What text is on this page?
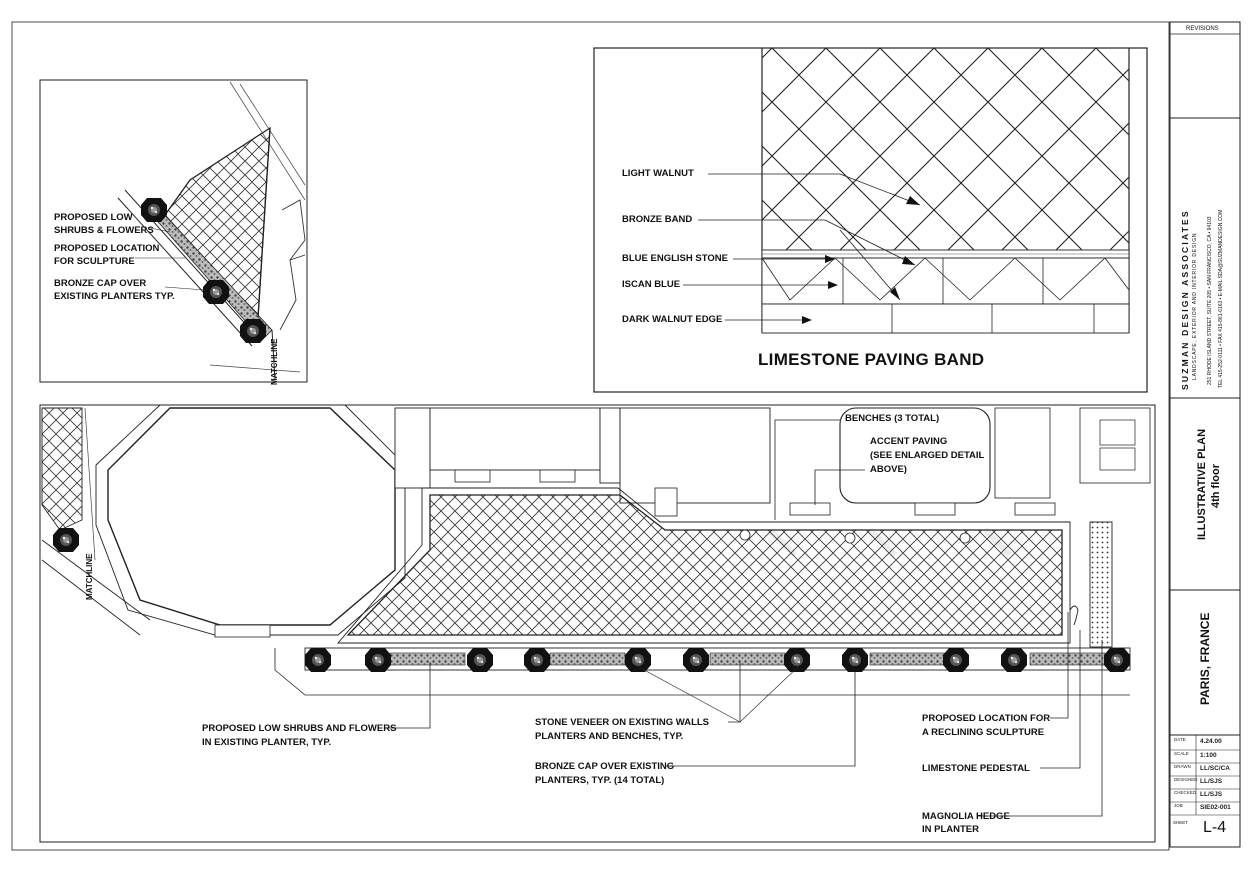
PROPOSED LOW
SHRUBS & FLOWERS
PROPOSED LOCATION
FOR SCULPTURE
BRONZE CAP OVER
EXISTING PLANTERS TYP.
MATCHLINE
LIGHT WALNUT
BRONZE BAND
BLUE ENGLISH STONE
ISCAN BLUE
DARK WALNUT EDGE
LIMESTONE PAVING BAND
MATCHLINE
BENCHES (3 TOTAL)
ACCENT PAVING
(SEE ENLARGED DETAIL
ABOVE)
PROPOSED LOW SHRUBS AND FLOWERS
IN EXISTING PLANTER, TYP.
STONE VENEER ON EXISTING WALLS
PLANTERS AND BENCHES, TYP.
BRONZE CAP OVER EXISTING
PLANTERS, TYP. (14 TOTAL)
PROPOSED LOCATION FOR
A RECLINING SCULPTURE
LIMESTONE PEDESTAL
MAGNOLIA HEDGE
IN PLANTER
REVISIONS
SUZMAN DESIGN ASSOCIATES LANDSCAPE, EXTERIOR AND INTERIOR DESIGN 251 RHODE ISLAND STREET, SUITE 205 • SAN FRANCISCO, CA • 94103 TEL 415-252-0111 • FAX 415-861-6163 • E-MAIL SDA@SUZMANDESIGN.COM
ILLUSTRATIVE PLAN 4th floor
PARIS, FRANCE
DATE 4.24.00
SCALE 1:100
DRAWN LL/SC/CA
DESIGNED LL/SJS
CHECKED LL/SJS
JOB	SIE02-001
SHEET L-4
